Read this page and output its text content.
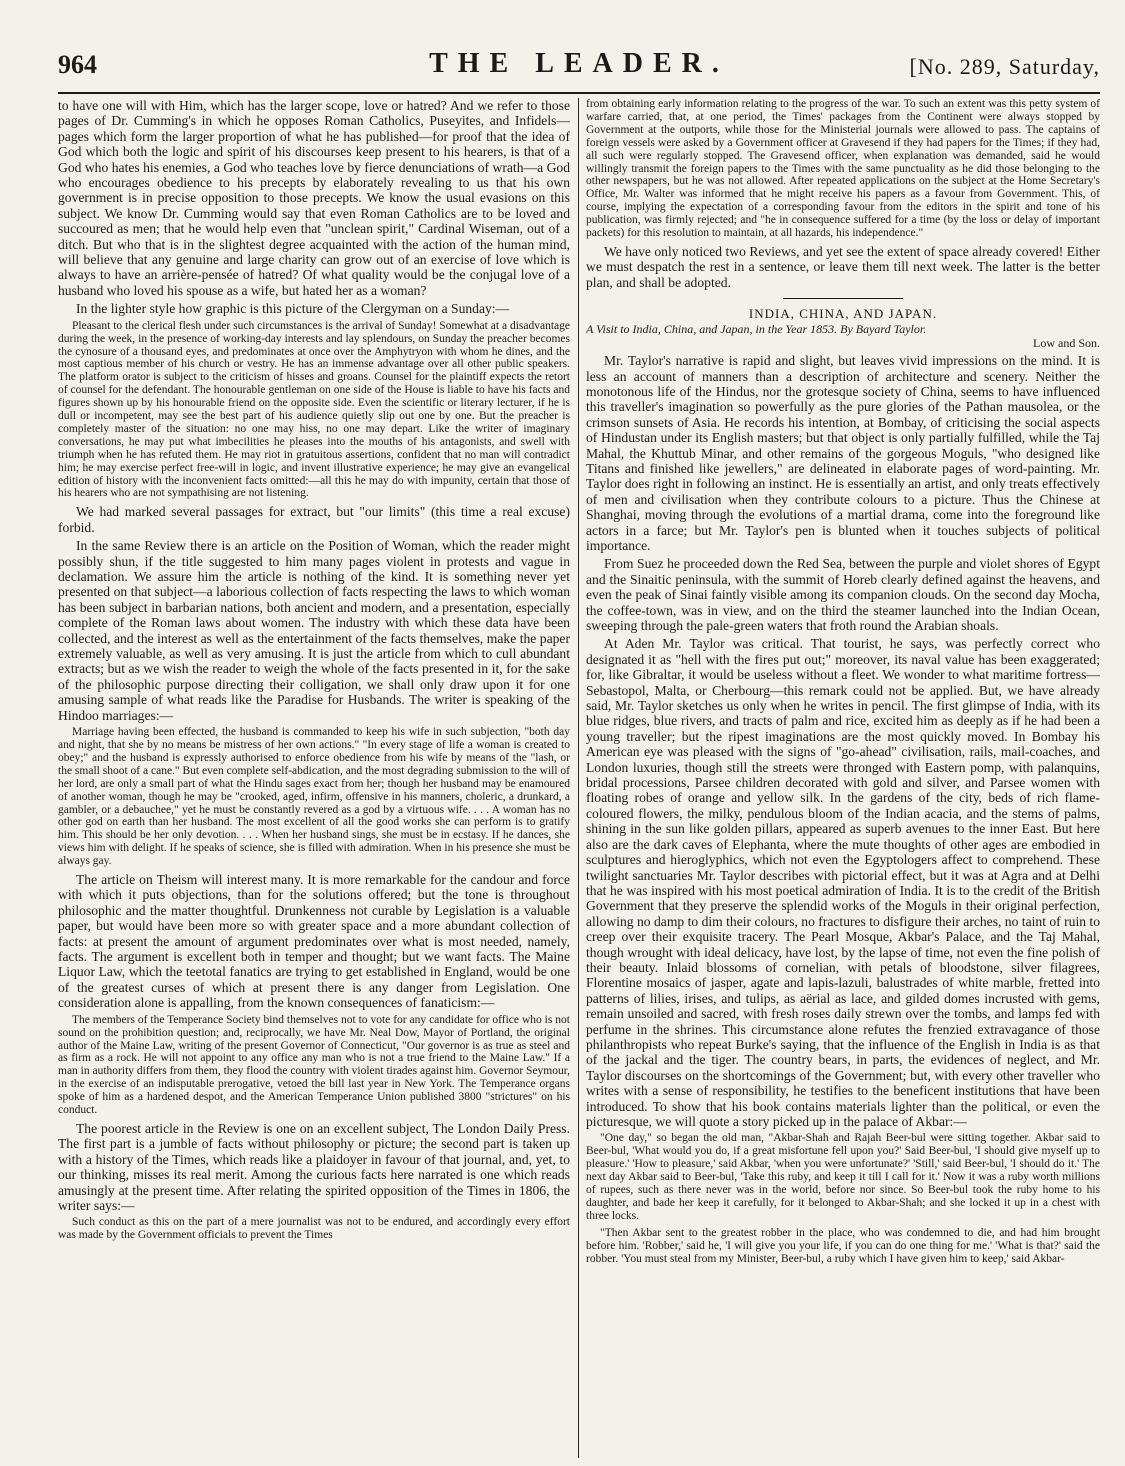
964	THE LEADER.	[No. 289, Saturday,

to have one will with Him, which has the larger scope, love or hatred? And we refer to those pages of Dr. Cumming's in which he opposes Roman Catholics, Puseyites, and Infidels—pages which form the larger proportion of what he has published—for proof that the idea of God which both the logic and spirit of his discourses keep present to his hearers, is that of a God who hates his enemies, a God who teaches love by fierce denunciations of wrath—a God who encourages obedience to his precepts by elaborately revealing to us that his own government is in precise opposition to those precepts. We know the usual evasions on this subject. We know Dr. Cumming would say that even Roman Catholics are to be loved and succoured as men; that he would help even that "unclean spirit," Cardinal Wiseman, out of a ditch. But who that is in the slightest degree acquainted with the action of the human mind, will believe that any genuine and large charity can grow out of an exercise of love which is always to have an arrière-pensée of hatred? Of what quality would be the conjugal love of a husband who loved his spouse as a wife, but hated her as a woman?

In the lighter style how graphic is this picture of the Clergyman on a Sunday:—

Pleasant to the clerical flesh under such circumstances is the arrival of Sunday! Somewhat at a disadvantage during the week, in the presence of working-day interests and lay splendours, on Sunday the preacher becomes the cynosure of a thousand eyes, and predominates at once over the Amphytryon with whom he dines, and the most captious member of his church or vestry. He has an immense advantage over all other public speakers. The platform orator is subject to the criticism of hisses and groans. Counsel for the plaintiff expects the retort of counsel for the defendant. The honourable gentleman on one side of the House is liable to have his facts and figures shown up by his honourable friend on the opposite side. Even the scientific or literary lecturer, if he is dull or incompetent, may see the best part of his audience quietly slip out one by one. But the preacher is completely master of the situation: no one may hiss, no one may depart. Like the writer of imaginary conversations, he may put what imbecilities he pleases into the mouths of his antagonists, and swell with triumph when he has refuted them. He may riot in gratuitous assertions, confident that no man will contradict him; he may exercise perfect free-will in logic, and invent illustrative experience; he may give an evangelical edition of history with the inconvenient facts omitted:—all this he may do with impunity, certain that those of his hearers who are not sympathising are not listening.

We had marked several passages for extract, but "our limits" (this time a real excuse) forbid.

In the same Review there is an article on the Position of Woman, which the reader might possibly shun, if the title suggested to him many pages violent in protests and vague in declamation. We assure him the article is nothing of the kind. It is something never yet presented on that subject—a laborious collection of facts respecting the laws to which woman has been subject in barbarian nations, both ancient and modern, and a presentation, especially complete of the Roman laws about women. The industry with which these data have been collected, and the interest as well as the entertainment of the facts themselves, make the paper extremely valuable, as well as very amusing. It is just the article from which to cull abundant extracts; but as we wish the reader to weigh the whole of the facts presented in it, for the sake of the philosophic purpose directing their colligation, we shall only draw upon it for one amusing sample of what reads like the Paradise for Husbands. The writer is speaking of the Hindoo marriages:—

Marriage having been effected, the husband is commanded to keep his wife in such subjection, "both day and night, that she by no means be mistress of her own actions." "In every stage of life a woman is created to obey;" and the husband is expressly authorised to enforce obedience from his wife by means of the "lash, or the small shoot of a cane." But even complete self-abdication, and the most degrading submission to the will of her lord, are only a small part of what the Hindu sages exact from her; though her husband may be enamoured of another woman, though he may be "crooked, aged, infirm, offensive in his manners, choleric, a drunkard, a gambler, or a debauchee," yet he must be constantly revered as a god by a virtuous wife. . . . A woman has no other god on earth than her husband. The most excellent of all the good works she can perform is to gratify him. This should be her only devotion. . . . When her husband sings, she must be in ecstasy. If he dances, she views him with delight. If he speaks of science, she is filled with admiration. When in his presence she must be always gay.

The article on Theism will interest many. It is more remarkable for the candour and force with which it puts objections, than for the solutions offered; but the tone is throughout philosophic and the matter thoughtful. Drunkenness not curable by Legislation is a valuable paper, but would have been more so with greater space and a more abundant collection of facts: at present the amount of argument predominates over what is most needed, namely, facts. The argument is excellent both in temper and thought; but we want facts. The Maine Liquor Law, which the teetotal fanatics are trying to get established in England, would be one of the greatest curses of which at present there is any danger from Legislation. One consideration alone is appalling, from the known consequences of fanaticism:—

The members of the Temperance Society bind themselves not to vote for any candidate for office who is not sound on the prohibition question; and, reciprocally, we have Mr. Neal Dow, Mayor of Portland, the original author of the Maine Law, writing of the present Governor of Connecticut, "Our governor is as true as steel and as firm as a rock. He will not appoint to any office any man who is not a true friend to the Maine Law." If a man in authority differs from them, they flood the country with violent tirades against him. Governor Seymour, in the exercise of an indisputable prerogative, vetoed the bill last year in New York. The Temperance organs spoke of him as a hardened despot, and the American Temperance Union published 3800 "strictures" on his conduct.

The poorest article in the Review is one on an excellent subject, The London Daily Press. The first part is a jumble of facts without philosophy or picture; the second part is taken up with a history of the Times, which reads like a plaidoyer in favour of that journal, and, yet, to our thinking, misses its real merit. Among the curious facts here narrated is one which reads amusingly at the present time. After relating the spirited opposition of the Times in 1806, the writer says:—

Such conduct as this on the part of a mere journalist was not to be endured, and accordingly every effort was made by the Government officials to prevent the Times

from obtaining early information relating to the progress of the war. To such an extent was this petty system of warfare carried, that, at one period, the Times' packages from the Continent were always stopped by Government at the outports, while those for the Ministerial journals were allowed to pass. The captains of foreign vessels were asked by a Government officer at Gravesend if they had papers for the Times; if they had, all such were regularly stopped. The Gravesend officer, when explanation was demanded, said he would willingly transmit the foreign papers to the Times with the same punctuality as he did those belonging to the other newspapers, but he was not allowed. After repeated applications on the subject at the Home Secretary's Office, Mr. Walter was informed that he might receive his papers as a favour from Government. This, of course, implying the expectation of a corresponding favour from the editors in the spirit and tone of his publication, was firmly rejected; and "he in consequence suffered for a time (by the loss or delay of important packets) for this resolution to maintain, at all hazards, his independence."

We have only noticed two Reviews, and yet see the extent of space already covered! Either we must despatch the rest in a sentence, or leave them till next week. The latter is the better plan, and shall be adopted.

INDIA, CHINA, AND JAPAN.

A Visit to India, China, and Japan, in the Year 1853. By Bayard Taylor.

Low and Son.

Mr. Taylor's narrative is rapid and slight, but leaves vivid impressions on the mind. It is less an account of manners than a description of architecture and scenery. Neither the monotonous life of the Hindus, nor the grotesque society of China, seems to have influenced this traveller's imagination so powerfully as the pure glories of the Pathan mausolea, or the crimson sunsets of Asia. He records his intention, at Bombay, of criticising the social aspects of Hindustan under its English masters; but that object is only partially fulfilled, while the Taj Mahal, the Khuttub Minar, and other remains of the gorgeous Moguls, "who designed like Titans and finished like jewellers," are delineated in elaborate pages of word-painting. Mr. Taylor does right in following an instinct. He is essentially an artist, and only treats effectively of men and civilisation when they contribute colours to a picture. Thus the Chinese at Shanghai, moving through the evolutions of a martial drama, come into the foreground like actors in a farce; but Mr. Taylor's pen is blunted when it touches subjects of political importance.

From Suez he proceeded down the Red Sea, between the purple and violet shores of Egypt and the Sinaitic peninsula, with the summit of Horeb clearly defined against the heavens, and even the peak of Sinai faintly visible among its companion clouds. On the second day Mocha, the coffee-town, was in view, and on the third the steamer launched into the Indian Ocean, sweeping through the pale-green waters that froth round the Arabian shoals.

At Aden Mr. Taylor was critical. That tourist, he says, was perfectly correct who designated it as "hell with the fires put out;" moreover, its naval value has been exaggerated; for, like Gibraltar, it would be useless without a fleet. We wonder to what maritime fortress—Sebastopol, Malta, or Cherbourg—this remark could not be applied. But, we have already said, Mr. Taylor sketches us only when he writes in pencil. The first glimpse of India, with its blue ridges, blue rivers, and tracts of palm and rice, excited him as deeply as if he had been a young traveller; but the ripest imaginations are the most quickly moved. In Bombay his American eye was pleased with the signs of "go-ahead" civilisation, rails, mail-coaches, and London luxuries, though still the streets were thronged with Eastern pomp, with palanquins, bridal processions, Parsee children decorated with gold and silver, and Parsee women with floating robes of orange and yellow silk. In the gardens of the city, beds of rich flame-coloured flowers, the milky, pendulous bloom of the Indian acacia, and the stems of palms, shining in the sun like golden pillars, appeared as superb avenues to the inner East. But here also are the dark caves of Elephanta, where the mute thoughts of other ages are embodied in sculptures and hieroglyphics, which not even the Egyptologers affect to comprehend. These twilight sanctuaries Mr. Taylor describes with pictorial effect, but it was at Agra and at Delhi that he was inspired with his most poetical admiration of India. It is to the credit of the British Government that they preserve the splendid works of the Moguls in their original perfection, allowing no damp to dim their colours, no fractures to disfigure their arches, no taint of ruin to creep over their exquisite tracery. The Pearl Mosque, Akbar's Palace, and the Taj Mahal, though wrought with ideal delicacy, have lost, by the lapse of time, not even the fine polish of their beauty. Inlaid blossoms of cornelian, with petals of bloodstone, silver filagrees, Florentine mosaics of jasper, agate and lapis-lazuli, balustrades of white marble, fretted into patterns of lilies, irises, and tulips, as aërial as lace, and gilded domes incrusted with gems, remain unsoiled and sacred, with fresh roses daily strewn over the tombs, and lamps fed with perfume in the shrines. This circumstance alone refutes the frenzied extravagance of those philanthropists who repeat Burke's saying, that the influence of the English in India is as that of the jackal and the tiger. The country bears, in parts, the evidences of neglect, and Mr. Taylor discourses on the shortcomings of the Government; but, with every other traveller who writes with a sense of responsibility, he testifies to the beneficent institutions that have been introduced. To show that his book contains materials lighter than the political, or even the picturesque, we will quote a story picked up in the palace of Akbar:—

"One day," so began the old man, "Akbar-Shah and Rajah Beer-bul were sitting together. Akbar said to Beer-bul, 'What would you do, if a great misfortune fell upon you?' Said Beer-bul, 'I should give myself up to pleasure.' 'How to pleasure,' said Akbar, 'when you were unfortunate?' 'Still,' said Beer-bul, 'I should do it.' The next day Akbar said to Beer-bul, 'Take this ruby, and keep it till I call for it.' Now it was a ruby worth millions of rupees, such as there never was in the world, before nor since. So Beer-bul took the ruby home to his daughter, and bade her keep it carefully, for it belonged to Akbar-Shah; and she locked it up in a chest with three locks.

"Then Akbar sent to the greatest robber in the place, who was condemned to die, and had him brought before him. 'Robber,' said he, 'I will give you your life, if you can do one thing for me.' 'What is that?' said the robber. 'You must steal from my Minister, Beer-bul, a ruby which I have given him to keep,' said Akbar-
